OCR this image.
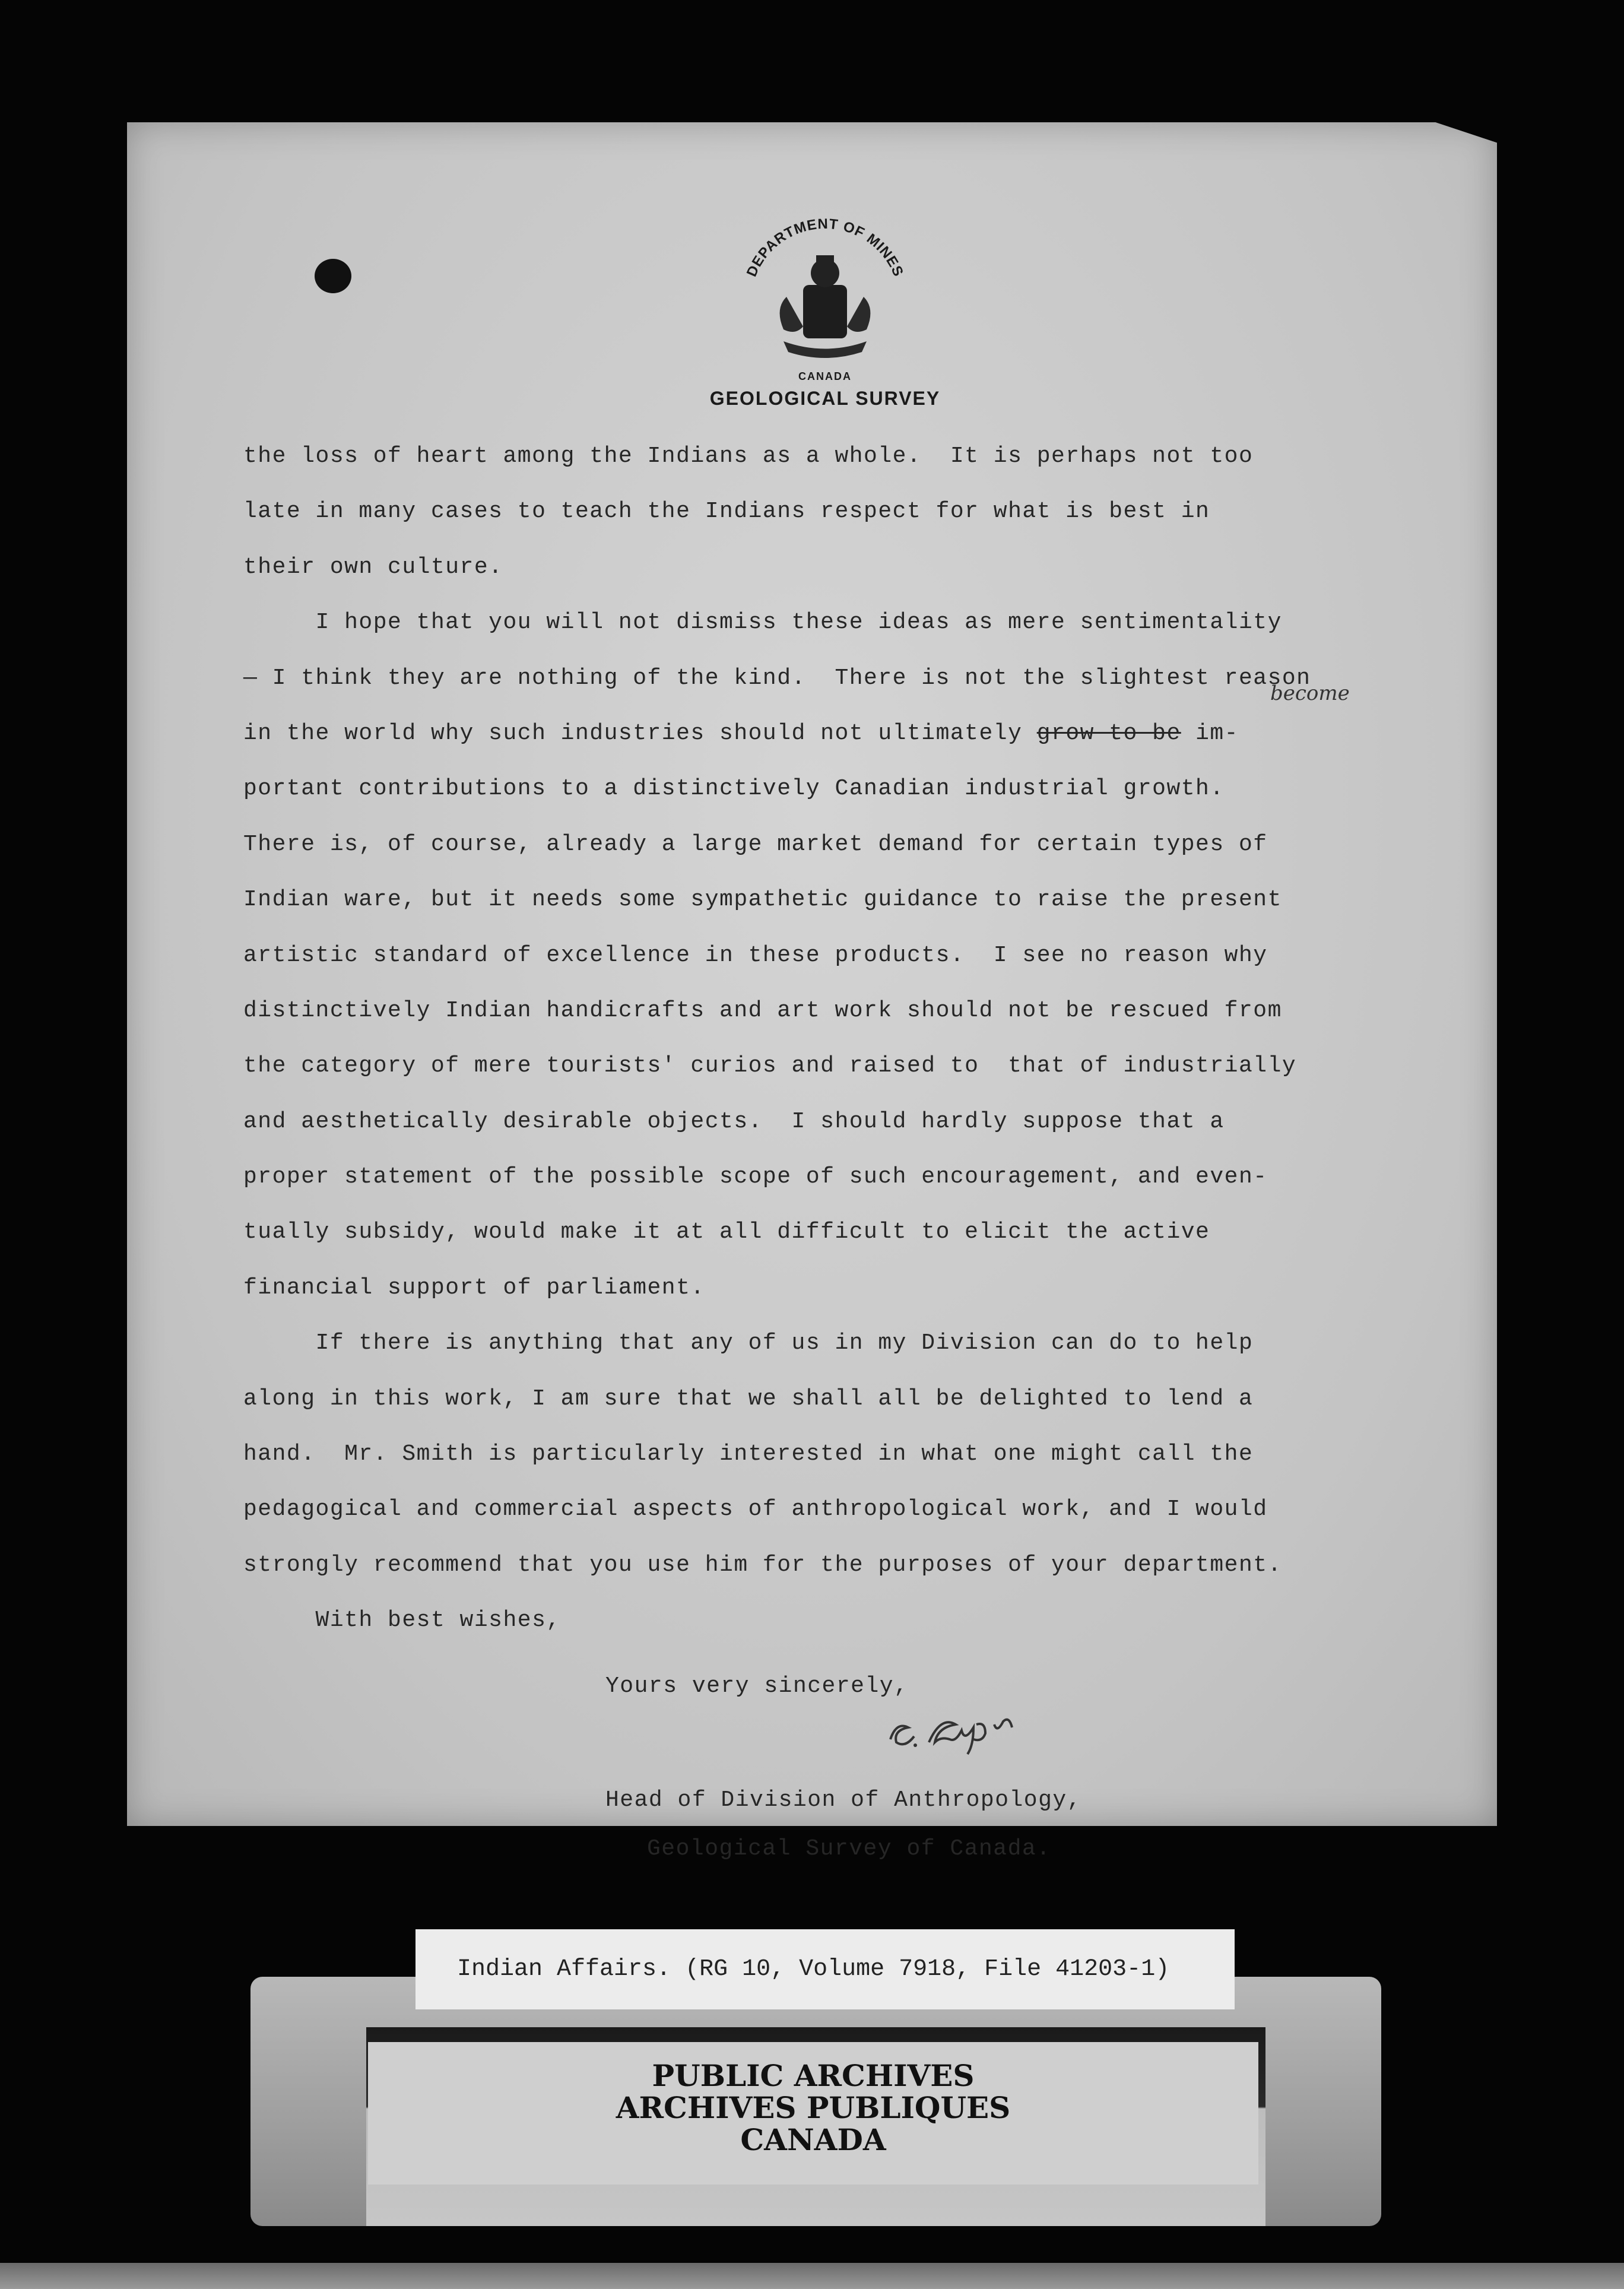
DEPARTMENT OF MINES
CANADA
GEOLOGICAL SURVEY
the loss of heart among the Indians as a whole.  It is perhaps not too
late in many cases to teach the Indians respect for what is best in
their own culture.
I hope that you will not dismiss these ideas as mere sentimentality
— I think they are nothing of the kind.  There is not the slightest reason
in the world why such industries should not ultimately grow to be im-
portant contributions to a distinctively Canadian industrial growth.
There is, of course, already a large market demand for certain types of
Indian ware, but it needs some sympathetic guidance to raise the present
artistic standard of excellence in these products.  I see no reason why
distinctively Indian handicrafts and art work should not be rescued from
the category of mere tourists' curios and raised to  that of industrially
and aesthetically desirable objects.  I should hardly suppose that a
proper statement of the possible scope of such encouragement, and even-
tually subsidy, would make it at all difficult to elicit the active
financial support of parliament.
If there is anything that any of us in my Division can do to help
along in this work, I am sure that we shall all be delighted to lend a
hand.  Mr. Smith is particularly interested in what one might call the
pedagogical and commercial aspects of anthropological work, and I would
strongly recommend that you use him for the purposes of your department.
With best wishes,
become
Yours very sincerely,
Head of Division of Anthropology,
Geological Survey of Canada.
Indian Affairs. (RG 10, Volume 7918, File 41203-1)
PUBLIC ARCHIVES
ARCHIVES PUBLIQUES
CANADA
